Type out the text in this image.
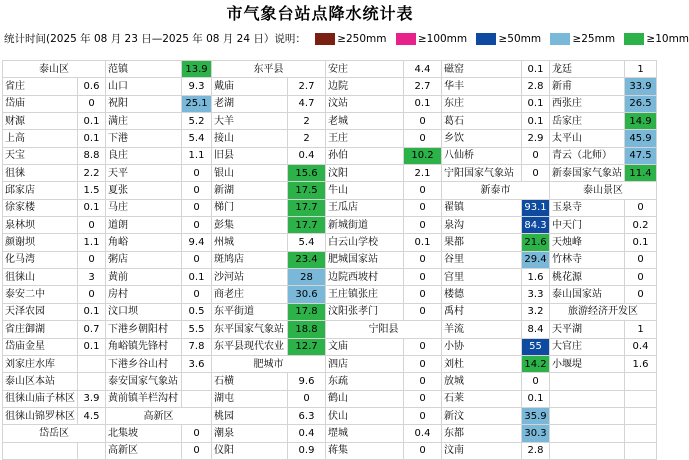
市气象台站点降水统计表
统计时间(2025 年 08 月 23 日—2025 年 08 月 24 日）说明：	≥250mm	≥100mm	≥50mm	≥25mm	≥10mm
泰山区		范镇	13.9	东平县		安庄	4.4	磁窑	0.1	龙廷	1
省庄	0.6	山口	9.3	戴庙	2.7	边院	2.7	华丰	2.8	新甫	33.9
岱庙	0	祝阳	25.1	老湖	4.7	汶站	0.1	东庄	0.1	西张庄	26.5
财源	0.1	满庄	5.2	大羊	2	老城	0	葛石	0.1	岳家庄	14.9
上高	0.1	下港	5.4	接山	2	王庄	0	乡饮	2.9	太平山	45.9
天宝	8.8	良庄	1.1	旧县	0.4	孙伯	10.2	八仙桥	0	青云（北师）	47.5
徂徕	2.2	天平	0	银山	15.6	汶阳	2.1	宁阳国家气象站	0	新泰国家气象站	11.4
邱家店	1.5	夏张	0	新湖	17.5	牛山	0	新泰市		泰山景区	
徐家楼	0.1	马庄	0	梯门	17.7	王瓜店	0	翟镇	93.1	玉泉寺	0
泉林坝	0	道朗	0	彭集	17.7	新城街道	0	泉沟	84.3	中天门	0.2
颜谢坝	1.1	角峪	9.4	州城	5.4	白云山学校	0.1	果都	21.6	天烛峰	0.1
化马湾	0	粥店	0	斑鸠店	23.4	肥城国家站	0	谷里	29.4	竹林寺	0
徂徕山	3	黄前	0.1	沙河站	28	边院西坡村	0	宫里	1.6	桃花源	0
泰安二中	0	房村	0	商老庄	30.6	王庄镇张庄	0	楼德	3.3	泰山国家站	0
天泽农园	0.1	汶口坝	0.5	东平街道	17.8	汶阳张孝门	0	禹村	3.2	旅游经济开发区	
省庄御湖	0.7	下港乡朝阳村	5.5	东平国家气象站	18.8	宁阳县		羊流	8.4	天平湖	1
岱庙金星	0.1	角峪镇先锋村	7.8	东平县现代农业	12.7	文庙	0	小协	55	大官庄	0.4
刘家庄水库		下港乡谷山村	3.6	肥城市		泗店	0	刘杜	14.2	小堰堤	1.6
泰山区本站		泰安国家气象站		石横	9.6	东疏	0	放城	0		
徂徕山庙子林区	3.9	黄前镇羊栏沟村		湖屯	0	鹤山	0	石莱	0.1		
徂徕山锦罗林区	4.5	高新区		桃园	6.3	伏山	0	新汶	35.9		
岱岳区		北集坡	0	潮泉	0.4	堽城	0.4	东都	30.3		
		高新区	0	仪阳	0.9	蒋集	0	汶南	2.8		
